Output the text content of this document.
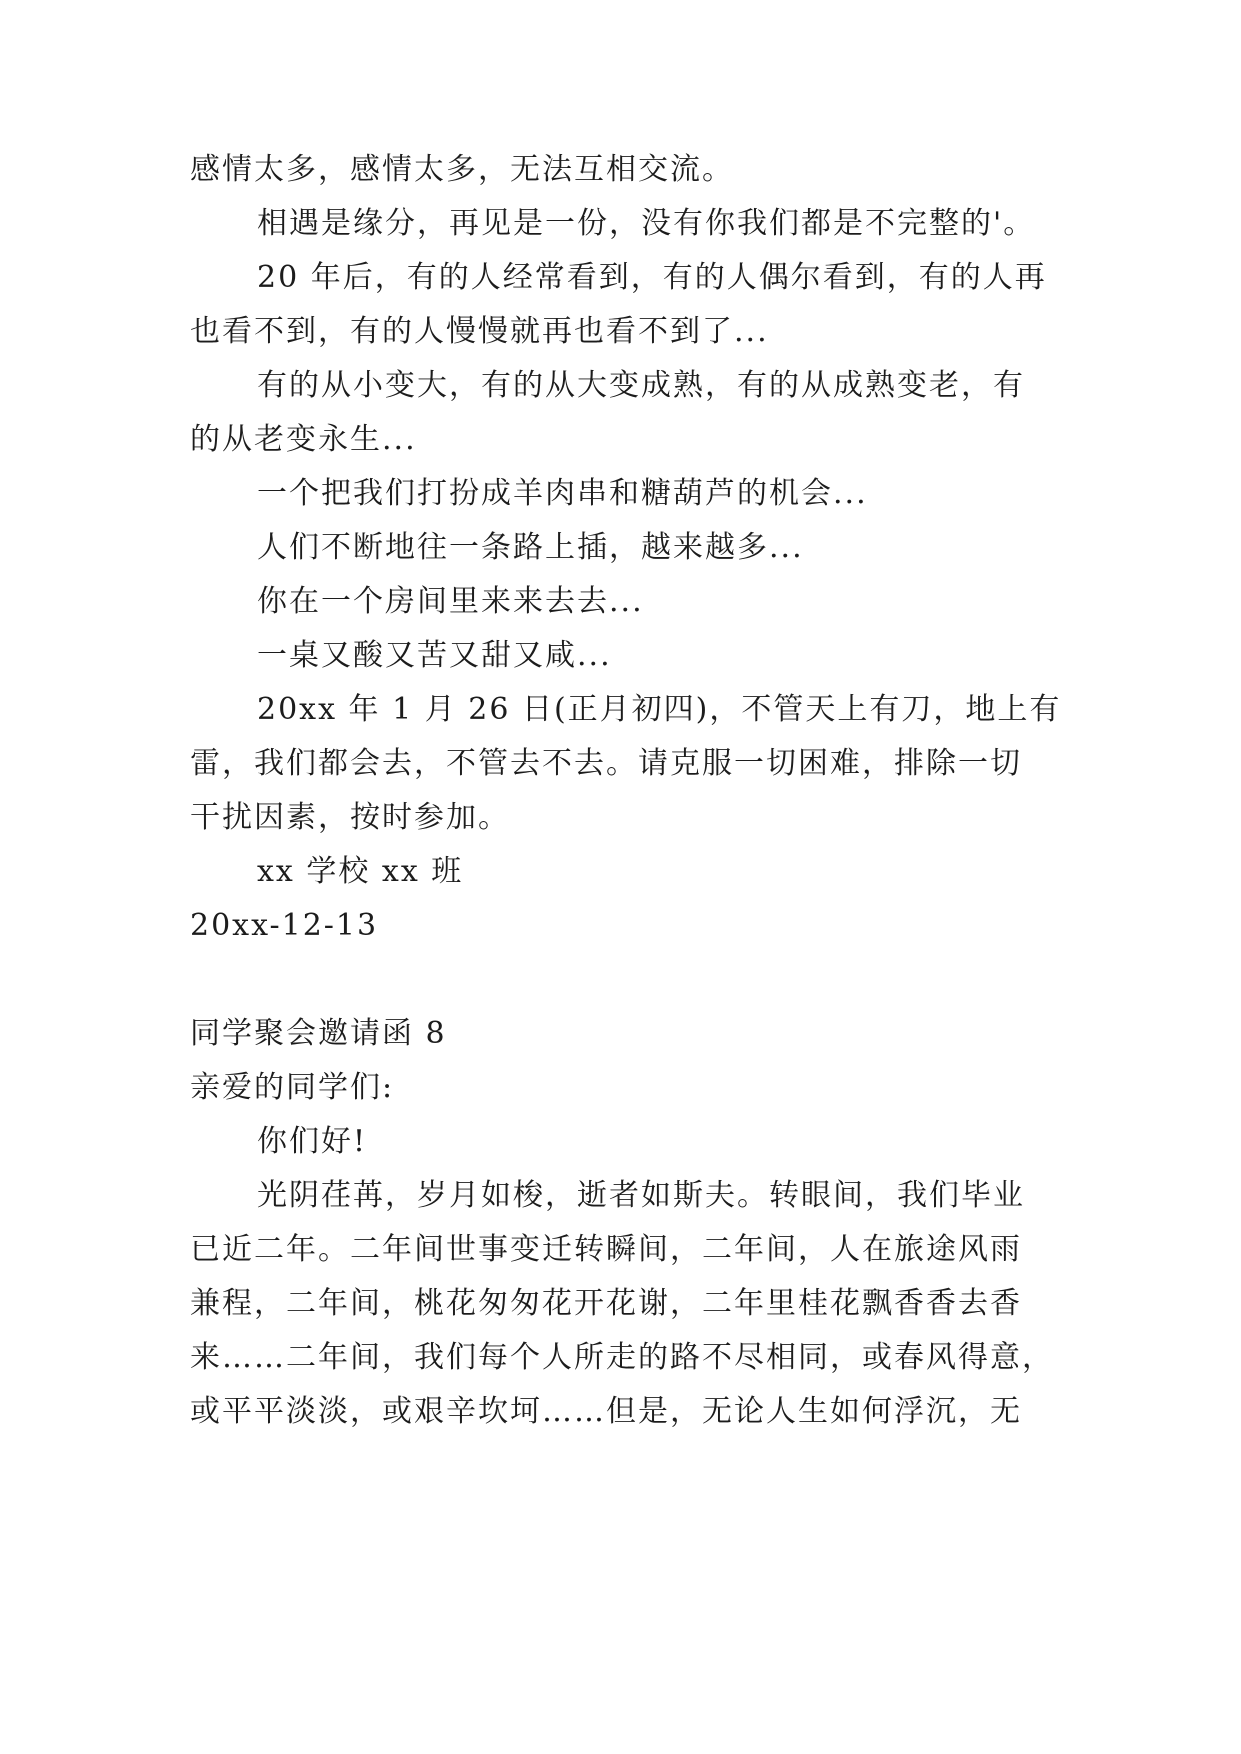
感情太多，感情太多，无法互相交流。
相遇是缘分，再见是一份，没有你我们都是不完整的'。
20 年后，有的人经常看到，有的人偶尔看到，有的人再
也看不到，有的人慢慢就再也看不到了...
有的从小变大，有的从大变成熟，有的从成熟变老，有
的从老变永生...
一个把我们打扮成羊肉串和糖葫芦的机会...
人们不断地往一条路上插，越来越多...
你在一个房间里来来去去...
一桌又酸又苦又甜又咸...
20xx 年 1 月 26 日(正月初四)，不管天上有刀，地上有
雷，我们都会去，不管去不去。请克服一切困难，排除一切
干扰因素，按时参加。
xx 学校 xx 班
20xx-12-13
同学聚会邀请函 8
亲爱的同学们:
你们好!
光阴荏苒，岁月如梭，逝者如斯夫。转眼间，我们毕业
已近二年。二年间世事变迁转瞬间，二年间，人在旅途风雨
兼程，二年间，桃花匆匆花开花谢，二年里桂花飘香香去香
来……二年间，我们每个人所走的路不尽相同，或春风得意，
或平平淡淡，或艰辛坎坷……但是，无论人生如何浮沉，无
